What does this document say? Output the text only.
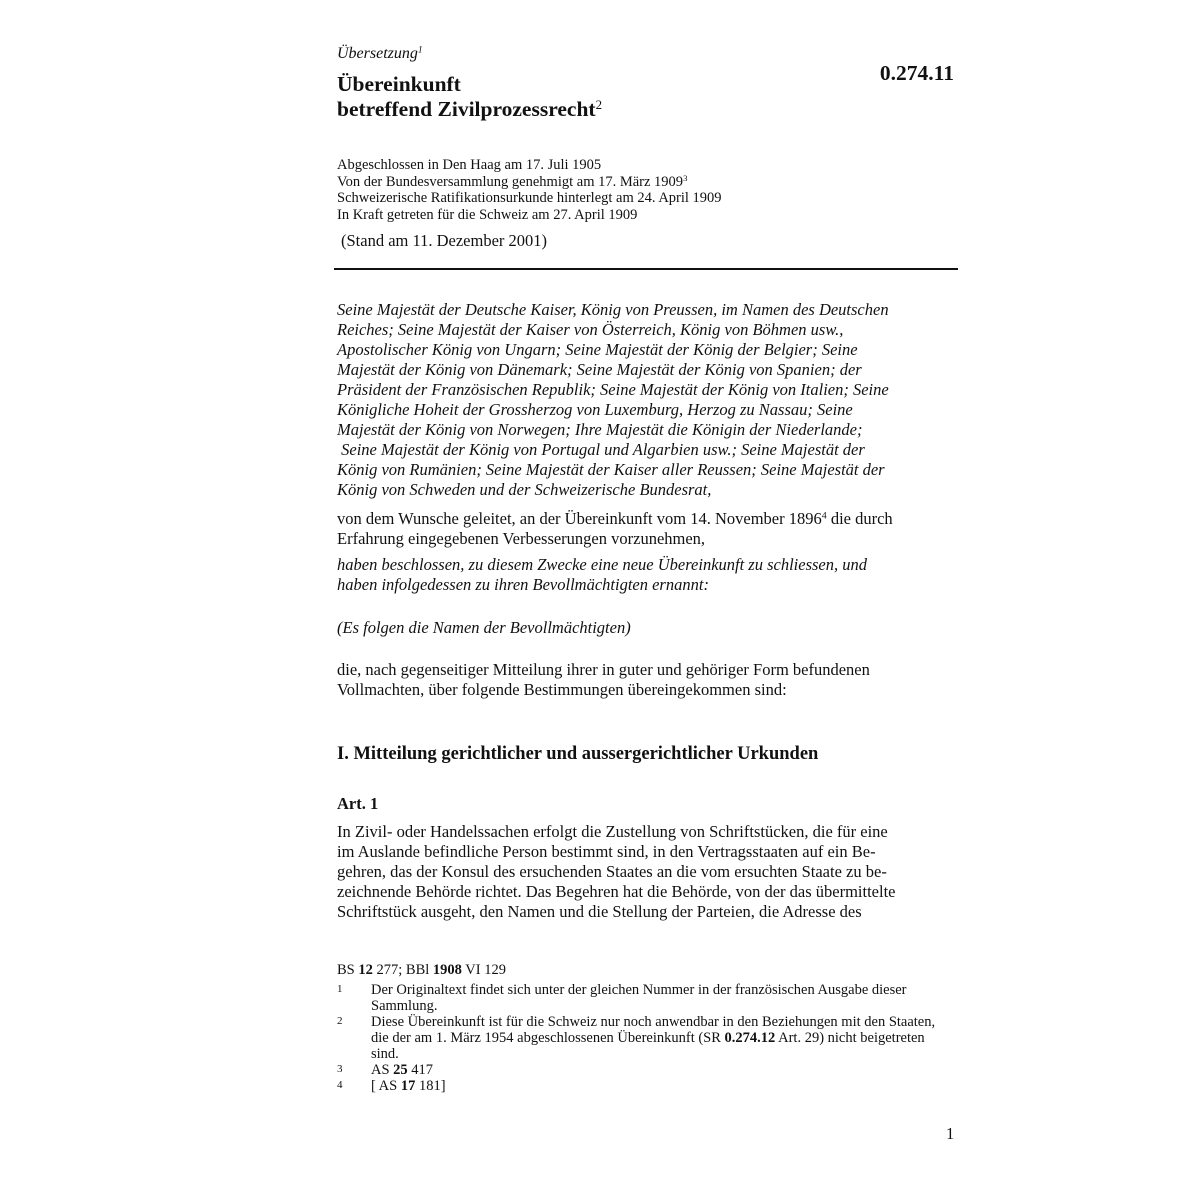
Übersetzung$^1$
Übereinkunft
betreffend Zivilprozessrecht$^2$
0.274.11
Abgeschlossen in Den Haag am 17. Juli 1905
Von der Bundesversammlung genehmigt am 17. März 1909$^3$
Schweizerische Ratifikationsurkunde hinterlegt am 24. April 1909
In Kraft getreten für die Schweiz am 27. April 1909
(Stand am 11. Dezember 2001)
Seine Majestät der Deutsche Kaiser, König von Preussen, im Namen des Deutschen
Reiches; Seine Majestät der Kaiser von Österreich, König von Böhmen usw.,
Apostolischer König von Ungarn; Seine Majestät der König der Belgier; Seine
Majestät der König von Dänemark; Seine Majestät der König von Spanien; der
Präsident der Französischen Republik; Seine Majestät der König von Italien; Seine
Königliche Hoheit der Grossherzog von Luxemburg, Herzog zu Nassau; Seine
Majestät der König von Norwegen; Ihre Majestät die Königin der Niederlande;
Seine Majestät der König von Portugal und Algarbien usw.; Seine Majestät der
König von Rumänien; Seine Majestät der Kaiser aller Reussen; Seine Majestät der
König von Schweden und der Schweizerische Bundesrat,
von dem Wunsche geleitet, an der Übereinkunft vom 14. November 1896$^4$ die durch
Erfahrung eingegebenen Verbesserungen vorzunehmen,
haben beschlossen, zu diesem Zwecke eine neue Übereinkunft zu schliessen, und
haben infolgedessen zu ihren Bevollmächtigten ernannt:
(Es folgen die Namen der Bevollmächtigten)
die, nach gegenseitiger Mitteilung ihrer in guter und gehöriger Form befundenen
Vollmachten, über folgende Bestimmungen übereingekommen sind:
I. Mitteilung gerichtlicher und aussergerichtlicher Urkunden
Art. 1
In Zivil- oder Handelssachen erfolgt die Zustellung von Schriftstücken, die für eine
im Auslande befindliche Person bestimmt sind, in den Vertragsstaaten auf ein Be-
gehren, das der Konsul des ersuchenden Staates an die vom ersuchten Staate zu be-
zeichnende Behörde richtet. Das Begehren hat die Behörde, von der das übermittelte
Schriftstück ausgeht, den Namen und die Stellung der Parteien, die Adresse des
BS 12 277; BBl 1908 VI 129
1 Der Originaltext findet sich unter der gleichen Nummer in der französischen Ausgabe dieser Sammlung.
2 Diese Übereinkunft ist für die Schweiz nur noch anwendbar in den Beziehungen mit den Staaten, die der am 1. März 1954 abgeschlossenen Übereinkunft (SR 0.274.12 Art. 29) nicht beigetreten sind.
3 AS 25 417
4 [ AS 17 181]
1
